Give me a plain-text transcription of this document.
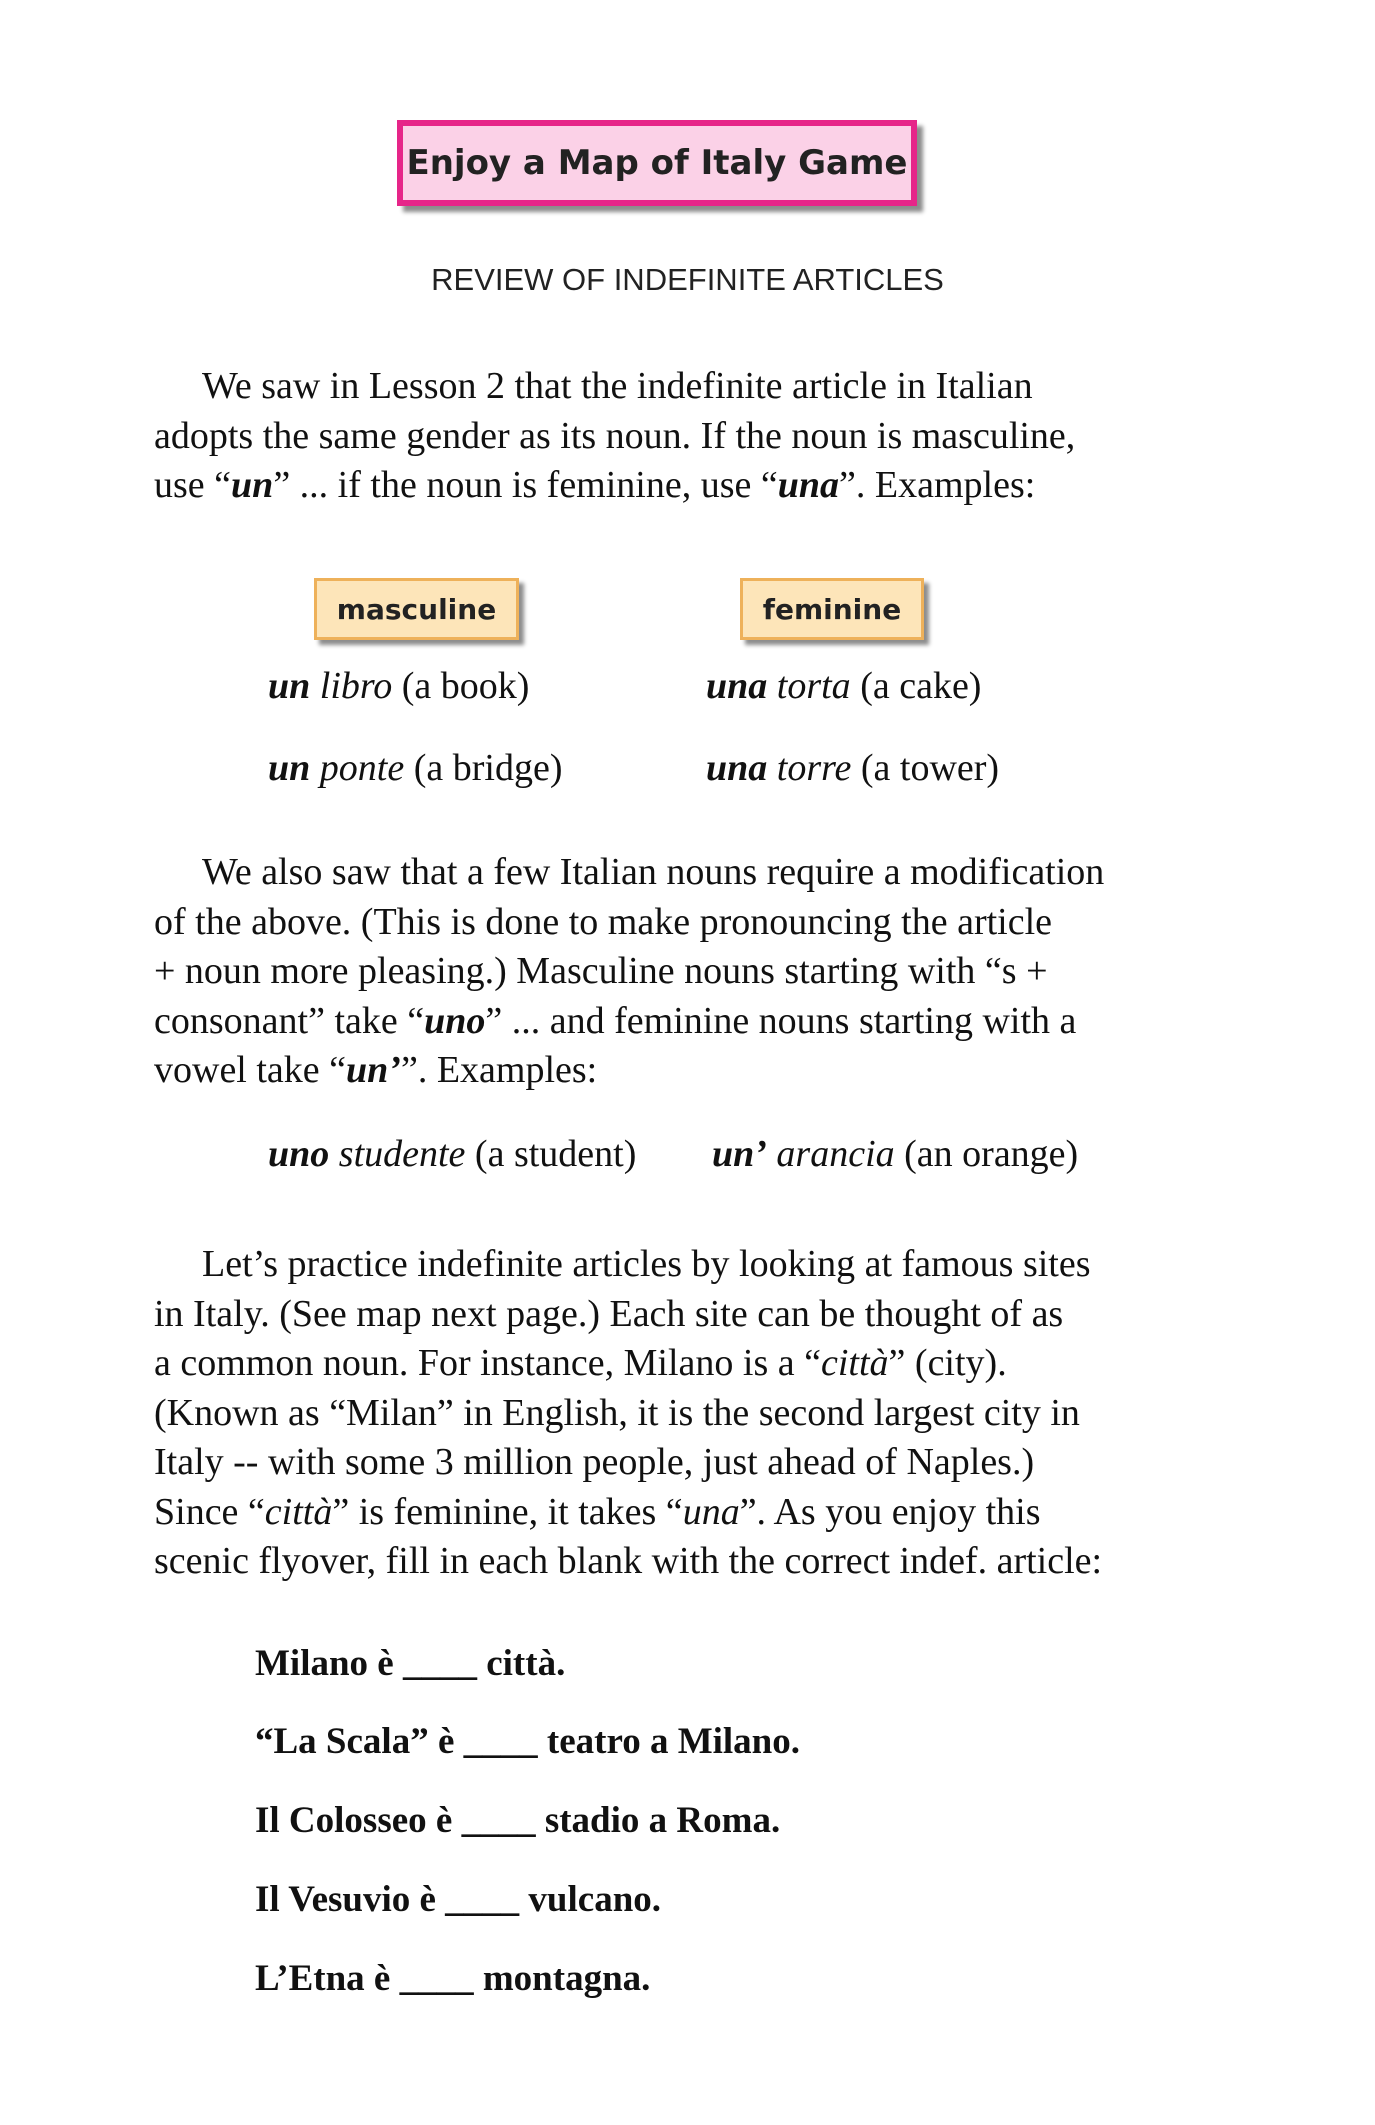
Enjoy a Map of Italy Game
REVIEW OF INDEFINITE ARTICLES

We saw in Lesson 2 that the indefinite article in Italian
adopts the same gender as its noun. If the noun is masculine,
use “un” ... if the noun is feminine, use “una”. Examples:

masculine	feminine
un libro (a book)
un ponte (a bridge)
una torta (a cake)
una torre (a tower)

We also saw that a few Italian nouns require a modification
of the above. (This is done to make pronouncing the article
+ noun more pleasing.) Masculine nouns starting with “s +
consonant” take “uno” ... and feminine nouns starting with a
vowel take “un’”. Examples:

uno studente (a student) un’ arancia (an orange)

Let’s practice indefinite articles by looking at famous sites
in Italy. (See map next page.) Each site can be thought of as
a common noun. For instance, Milano is a “città” (city).
(Known as “Milan” in English, it is the second largest city in
Italy -- with some 3 million people, just ahead of Naples.)
Since “città” is feminine, it takes “una”. As you enjoy this
scenic flyover, fill in each blank with the correct indef. article:

Milano è ____ città.

“La Scala” è ____ teatro a Milano.

Il Colosseo è ____ stadio a Roma.

Il Vesuvio è ____ vulcano.

L’Etna è ____ montagna.
